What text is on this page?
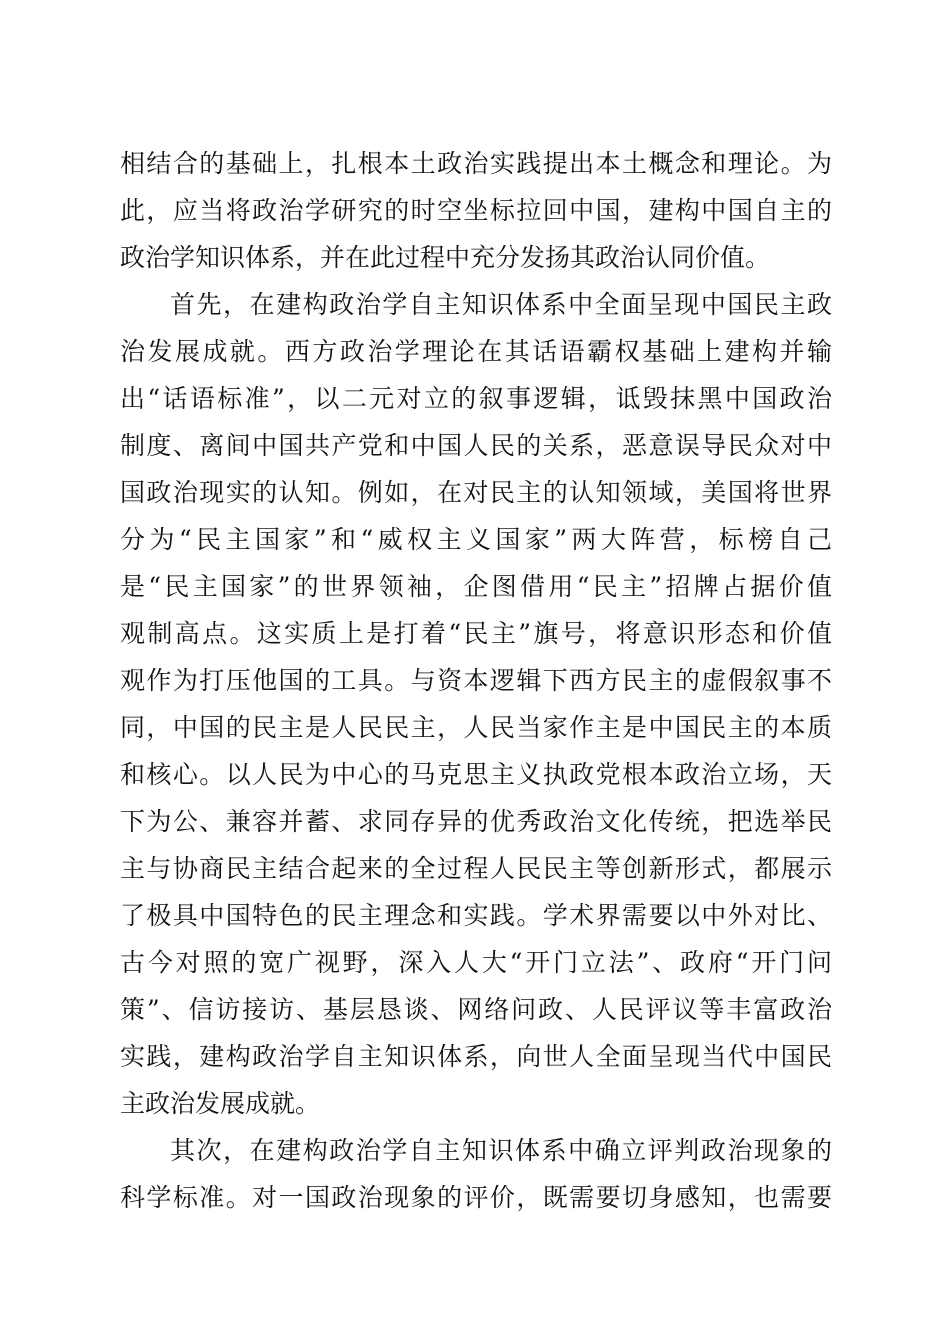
相结合的基础上，扎根本土政治实践提出本土概念和理论。为
此，应当将政治学研究的时空坐标拉回中国，建构中国自主的
政治学知识体系，并在此过程中充分发扬其政治认同价值。
首先，在建构政治学自主知识体系中全面呈现中国民主政
治发展成就。西方政治学理论在其话语霸权基础上建构并输
出“话语标准”，以二元对立的叙事逻辑，诋毁抹黑中国政治
制度、离间中国共产党和中国人民的关系，恶意误导民众对中
国政治现实的认知。例如，在对民主的认知领域，美国将世界
分为“民主国家”和“威权主义国家”两大阵营，标榜自己
是“民主国家”的世界领袖，企图借用“民主”招牌占据价值
观制高点。这实质上是打着“民主”旗号，将意识形态和价值
观作为打压他国的工具。与资本逻辑下西方民主的虚假叙事不
同，中国的民主是人民民主，人民当家作主是中国民主的本质
和核心。以人民为中心的马克思主义执政党根本政治立场，天
下为公、兼容并蓄、求同存异的优秀政治文化传统，把选举民
主与协商民主结合起来的全过程人民民主等创新形式，都展示
了极具中国特色的民主理念和实践。学术界需要以中外对比、
古今对照的宽广视野，深入人大“开门立法”、政府“开门问
策”、信访接访、基层恳谈、网络问政、人民评议等丰富政治
实践，建构政治学自主知识体系，向世人全面呈现当代中国民
主政治发展成就。
其次，在建构政治学自主知识体系中确立评判政治现象的
科学标准。对一国政治现象的评价，既需要切身感知，也需要
